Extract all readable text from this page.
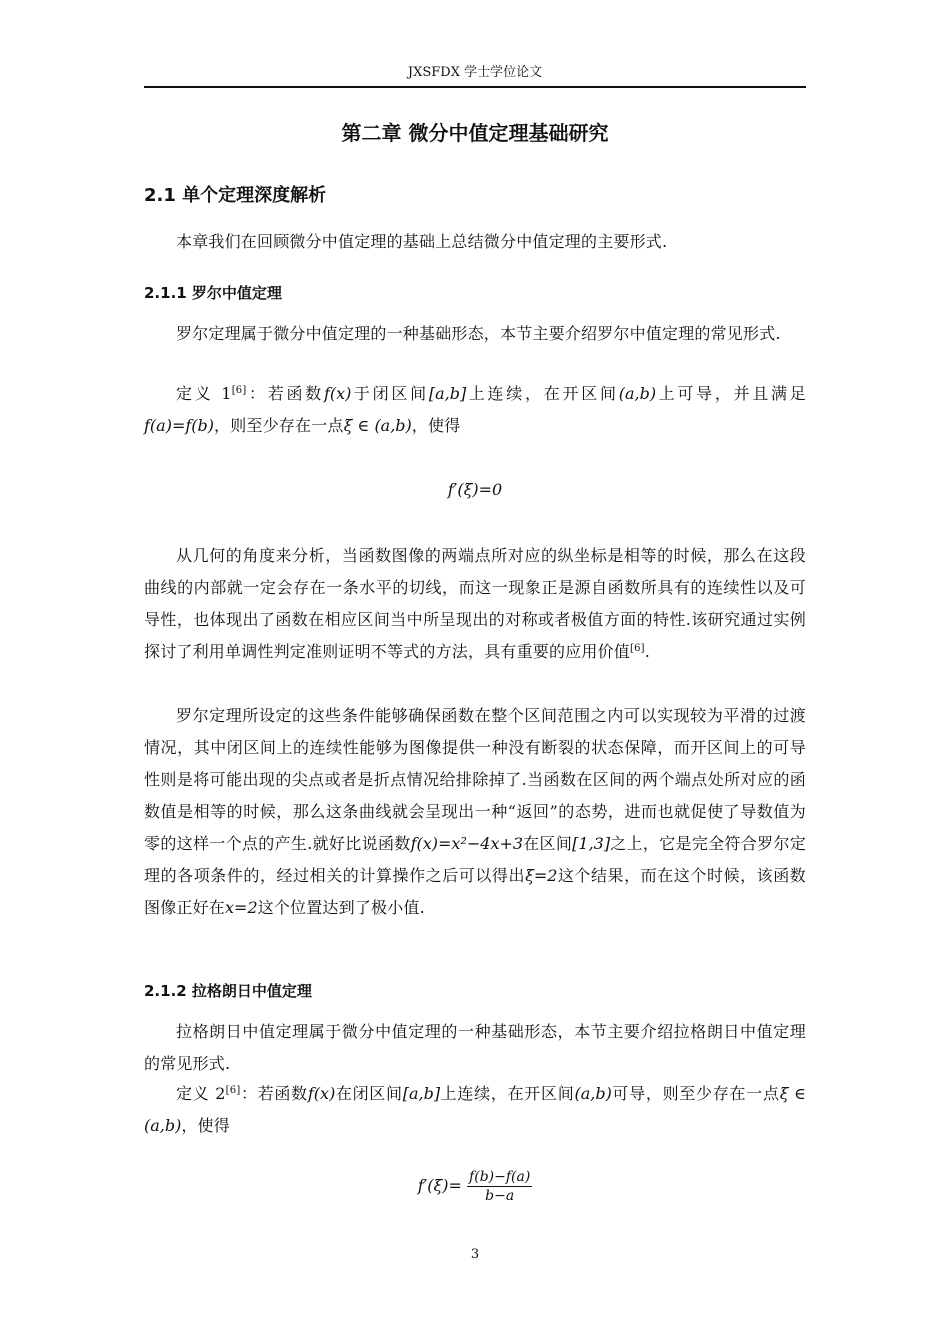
JXSFDX 学士学位论文
第二章 微分中值定理基础研究
2.1 单个定理深度解析
本章我们在回顾微分中值定理的基础上总结微分中值定理的主要形式.
2.1.1 罗尔中值定理
罗尔定理属于微分中值定理的一种基础形态，本节主要介绍罗尔中值定理的常见形式.
定义 1[6]：若函数f(x)于闭区间[a,b]上连续，在开区间(a,b)上可导，并且满足f(a)=f(b)，则至少存在一点ξ ∈ (a,b)，使得
f′(ξ)=0
从几何的角度来分析，当函数图像的两端点所对应的纵坐标是相等的时候，那么在这段曲线的内部就一定会存在一条水平的切线，而这一现象正是源自函数所具有的连续性以及可导性，也体现出了函数在相应区间当中所呈现出的对称或者极值方面的特性.该研究通过实例探讨了利用单调性判定准则证明不等式的方法，具有重要的应用价值[6].
罗尔定理所设定的这些条件能够确保函数在整个区间范围之内可以实现较为平滑的过渡情况，其中闭区间上的连续性能够为图像提供一种没有断裂的状态保障，而开区间上的可导性则是将可能出现的尖点或者是折点情况给排除掉了.当函数在区间的两个端点处所对应的函数值是相等的时候，那么这条曲线就会呈现出一种“返回”的态势，进而也就促使了导数值为零的这样一个点的产生.就好比说函数f(x)=x²−4x+3在区间[1,3]之上，它是完全符合罗尔定理的各项条件的，经过相关的计算操作之后可以得出ξ=2这个结果，而在这个时候，该函数图像正好在x=2这个位置达到了极小值.
2.1.2 拉格朗日中值定理
拉格朗日中值定理属于微分中值定理的一种基础形态，本节主要介绍拉格朗日中值定理的常见形式.
定义 2[6]：若函数f(x)在闭区间[a,b]上连续，在开区间(a,b)可导，则至少存在一点ξ ∈ (a,b)，使得
$f'(\xi)= \frac{f(b)-f(a)}{b-a}$
3
